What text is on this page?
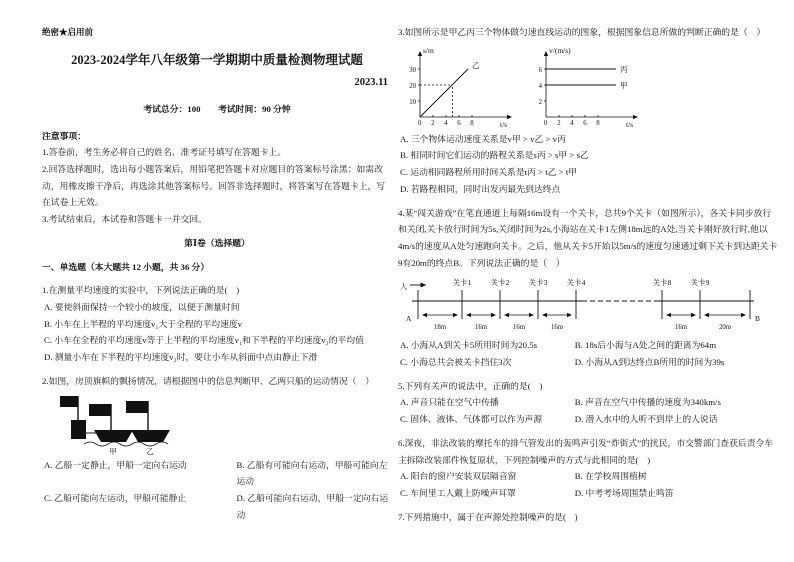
绝密★启用前
2023-2024学年八年级第一学期期中质量检测物理试题
2023.11
考试总分：100　　考试时间：90 分钟
注意事项：
1.答卷前，考生务必将自己的姓名、准考证号填写在答题卡上。
2.回答选择题时，选出每小题答案后，用铅笔把答题卡对应题目的答案标号涂黑；如需改动，用橡皮擦干净后，再选涂其他答案标号。回答非选择题时，将答案写在答题卡上，写在试卷上无效。
3.考试结束后，本试卷和答题卡一并交回。
第Ⅰ卷（选择题）
一、单选题（本大题共 12 小题，共 36 分）
1.在测量平均速度的实验中，下列说法正确的是(　)
A. 要使斜面保持一个较小的坡度，以便于测量时间
B. 小车在上半程的平均速度v₁大于全程的平均速度v
C. 小车在全程的平均速度v等于上半程的平均速度v₁和下半程的平均速度v₂的平均值
D. 测量小车在下半程的平均速度v₂时，要让小车从斜面中点由静止下滑
2.如图，房顶旗帜的飘扬情况，请根据图中的信息判断甲、乙两只船的运动情况（　）
甲	乙
A. 乙船一定静止，甲船一定向右运动	B. 乙船有可能向右运动，甲船可能向左运动
C. 乙船可能向左运动，甲船可能静止	D. 乙船可能向右运动，甲船一定向右运动
3.如图所示是甲乙丙三个物体做匀速直线运动的图象，根据图象信息所做的判断正确的是（　）
s/m
30
20
10
0 2 4 6 8	t/s
乙
v/(m/s)
6
4
2
0 2 4 6 8	t/s
丙
甲
A. 三个物体运动速度关系是v甲 > v乙 > v丙
B. 相同时间它们运动的路程关系是s丙 > s甲 > s乙
C. 运动相同路程所用时间关系是t丙 > t乙 > t甲
D. 若路程相同，同时出发丙最先到达终点
4.某“闯关游戏”在笔直通道上每隔16m设有一个关卡，总共9个关卡（如图所示），各关卡同步放行和关闭,关卡放行时间为5s,关闭时间为2s,小海站在关卡1左侧18m远的A处,当关卡刚好放行时,他以4m/s的速度从A处匀速跑向关卡。之后，他从关卡5开始以5m/s的速度匀速通过剩下关卡到达距关卡9有20m的终点B。下列说法正确的是（　）
人	关卡1	关卡2	关卡3	关卡4	关卡8	关卡9
A	B
18m	16m	16m	16m	16m	20m
A. 小海从A到关卡5所用时间为20.5s	B. 18s后小海与A处之间的距离为64m
C. 小海总共会被关卡挡住3次	D. 小海从A到达终点B所用的时间为39s
5.下列有关声的说法中，正确的是(　)
A. 声音只能在空气中传播	B. 声音在空气中传播的速度为340km/s
C. 固体、液体、气体都可以作为声源	D. 潜入水中的人听不到岸上的人说话
6.深夜，非法改装的摩托车的排气管发出的轰鸣声引发“炸街式”的扰民，市交警部门查获后责令车主拆除改装部件恢复原状，下列控制噪声的方式与此相同的是(　)
A. 阳台的窗户安装双层隔音窗	B. 在学校周围植树
C. 车间里工人戴上防噪声耳罩	D. 中考考场周围禁止鸣笛
7.下列措施中，属于在声源处控制噪声的是(　)
